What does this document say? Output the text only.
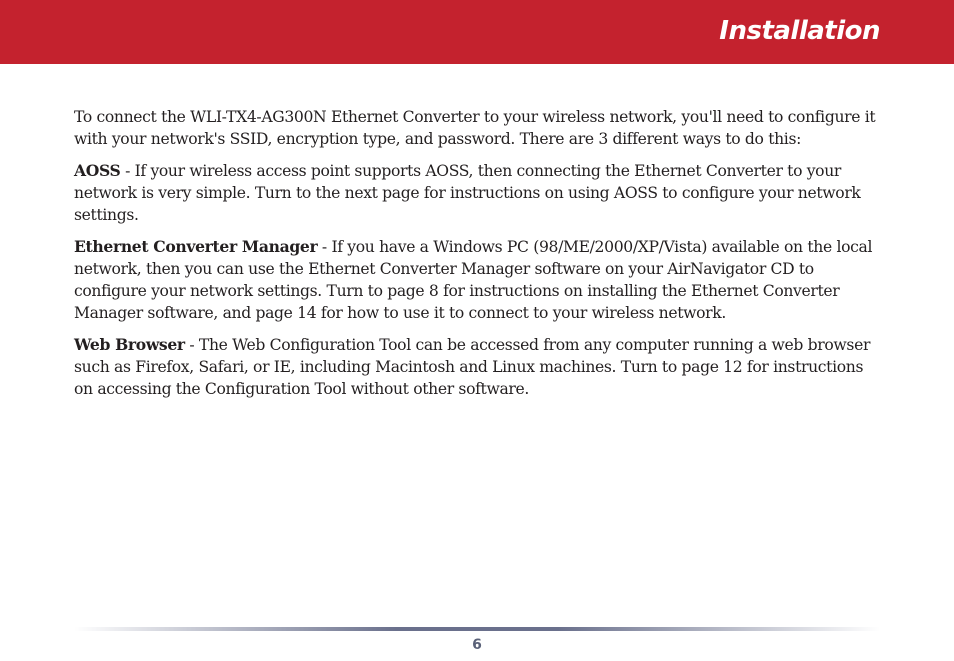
Installation

To connect the WLI-TX4-AG300N Ethernet Converter to your wireless network, you'll need to configure it with your network's SSID, encryption type, and password. There are 3 different ways to do this:

AOSS - If your wireless access point supports AOSS, then connecting the Ethernet Converter to your network is very simple. Turn to the next page for instructions on using AOSS to configure your network settings.

Ethernet Converter Manager - If you have a Windows PC (98/ME/2000/XP/Vista) available on the local network, then you can use the Ethernet Converter Manager software on your AirNavigator CD to configure your network settings. Turn to page 8 for instructions on installing the Ethernet Converter Manager software, and page 14 for how to use it to connect to your wireless network.

Web Browser - The Web Configuration Tool can be accessed from any computer running a web browser such as Firefox, Safari, or IE, including Macintosh and Linux machines. Turn to page 12 for instructions on accessing the Configuration Tool without other software.

6
